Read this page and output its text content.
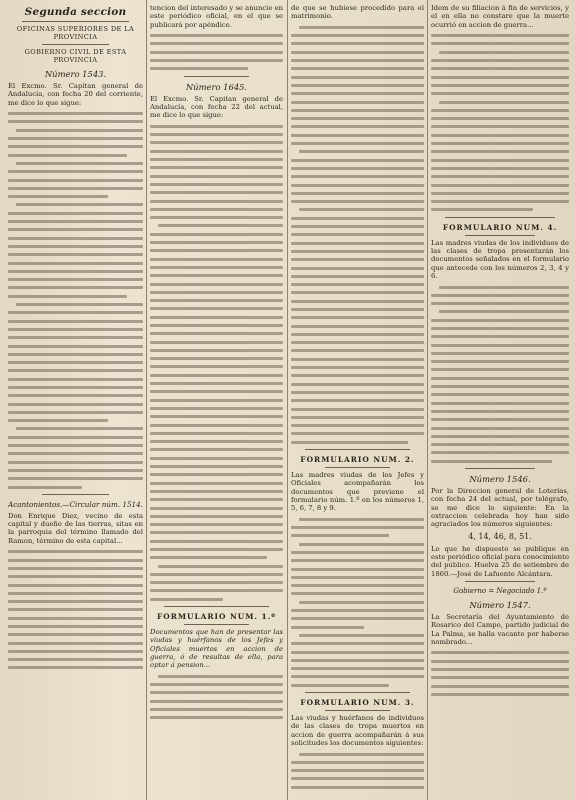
Segunda seccion
OFICINAS SUPERIORES DE LA PROVINCIA
GOBIERNO CIVIL DE ESTA PROVINCIA
Número 1543.

El Excmo. Sr. Capitan general de Andalucía, con fecha 20 del corriente, me dice lo que sigue:

Acantonientos.—Circular núm. 1514.

Don Enrique Diez, vecino de esta capital y dueño de las tierras, sitas en la parroquia del término llamado del Ramon, término de esta capital...

tencion del interesado y se anuncie en este periódico oficial, en el que se publicará por apéndice.

Número 1645.

El Excmo. Sr. Capitan general de Andalucía, con fecha 22 del actual, me dice lo que sigue:

FORMULARIO NUM. 1.º

Documentos que han de presentar las viudas y huérfanos de los Jefes y Oficiales muertos en accion de guerra, ó de resultas de ella, para optar á pension...

de que se hubiese procedido para el matrimonio.

FORMULARIO NUM. 2.

Las madres viudas de los Jefes y Oficiales acompañarán los documentos que previene el formulario núm. 1.º en los números 1, 5, 6, 7, 8 y 9.

FORMULARIO NUM. 3.

Las viudas y huérfanos de individuos de las clases de tropa muertos en accion de guerra acompañarán á sus solicitudes los documentos siguientes:

Idem de su filiacion á fin de servicios, y el en ella no constare que la muerte ocurrió en accion de guerra...

FORMULARIO NUM. 4.

Las madres viudas de los individuos de las clases de tropa presentarán los documentos señalados en el formulario que antecede con los números 2, 3, 4 y 6.

Número 1546.

Por la Direccion general de Loterías, con fecha 24 del actual, por telégrafo, se me dice lo siguiente: En la extraccion celebrada hoy han sido agraciados los números siguientes:

4, 14, 46, 8, 51.

Lo que he dispuesto se publique en este periódico oficial para conocimiento del público. Huelva 25 de setiembre de 1860.—José de Lafuente Alcántara.

Gobierno = Negociado 1.º
Número 1547.

La Secretaría del Ayuntamiento de Rosarico del Campo, partido judicial de La Palma, se halla vacante por haberse nombrado...
